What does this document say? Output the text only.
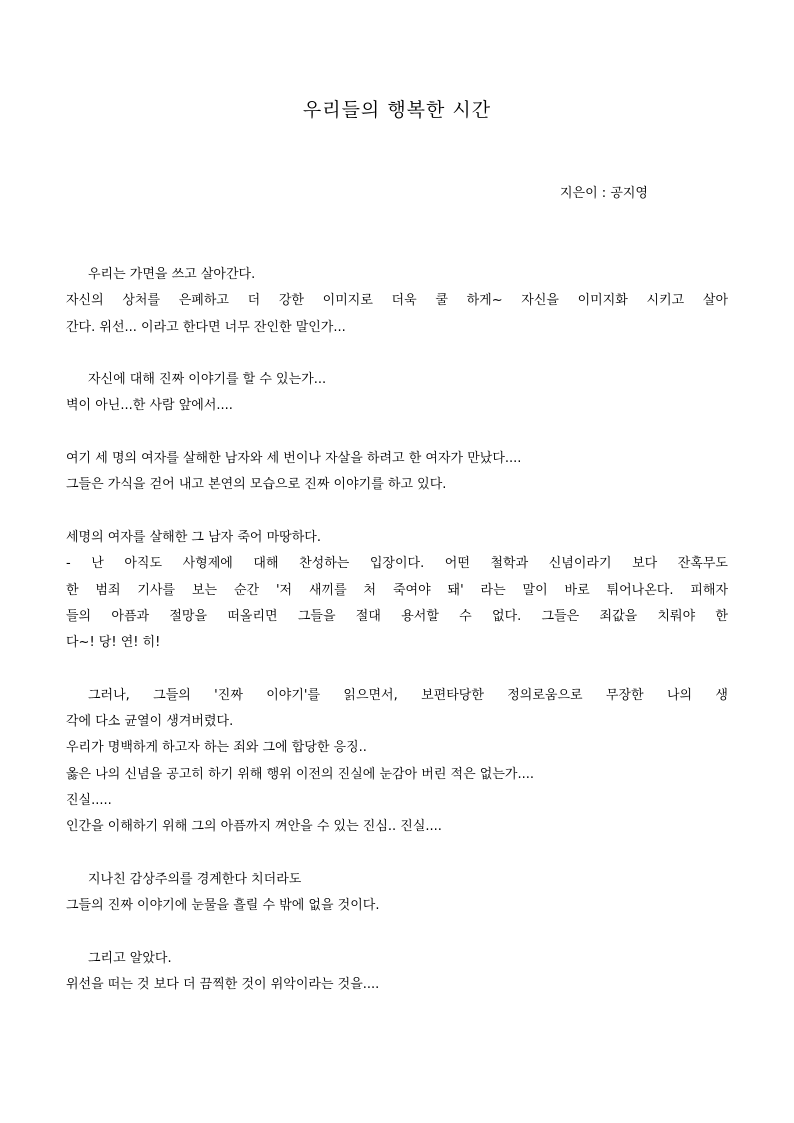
우리들의 행복한 시간
지은이 : 공지영
우리는 가면을 쓰고 살아간다.
자신의 상처를 은폐하고 더 강한 이미지로 더욱 쿨 하게~ 자신을 이미지화 시키고 살아
간다. 위선... 이라고 한다면 너무 잔인한 말인가...
자신에 대해 진짜 이야기를 할 수 있는가...
벽이 아닌...한 사람 앞에서....
여기 세 명의 여자를 살해한 남자와 세 번이나 자살을 하려고 한 여자가 만났다....
그들은 가식을 걷어 내고 본연의 모습으로 진짜 이야기를 하고 있다.
세명의 여자를 살해한 그 남자 죽어 마땅하다.
- 난 아직도 사형제에 대해 찬성하는 입장이다. 어떤 철학과 신념이라기 보다 잔혹무도
한 범죄 기사를 보는 순간 '저 새끼를 처 죽여야 돼' 라는 말이 바로 튀어나온다. 피해자
들의 아픔과 절망을 떠올리면 그들을 절대 용서할 수 없다. 그들은 죄값을 치뤄야 한
다~! 당! 연! 히!
그러나, 그들의 '진짜 이야기'를 읽으면서, 보편타당한 정의로움으로 무장한 나의 생
각에 다소 균열이 생겨버렸다.
우리가 명백하게 하고자 하는 죄와 그에 합당한 응징..
옳은 나의 신념을 공고히 하기 위해 행위 이전의 진실에 눈감아 버린 적은 없는가....
진실.....
인간을 이해하기 위해 그의 아픔까지 껴안을 수 있는 진심.. 진실....
지나친 감상주의를 경계한다 치더라도
그들의 진짜 이야기에 눈물을 흘릴 수 밖에 없을 것이다.
그리고 알았다.
위선을 떠는 것 보다 더 끔찍한 것이 위악이라는 것을....
